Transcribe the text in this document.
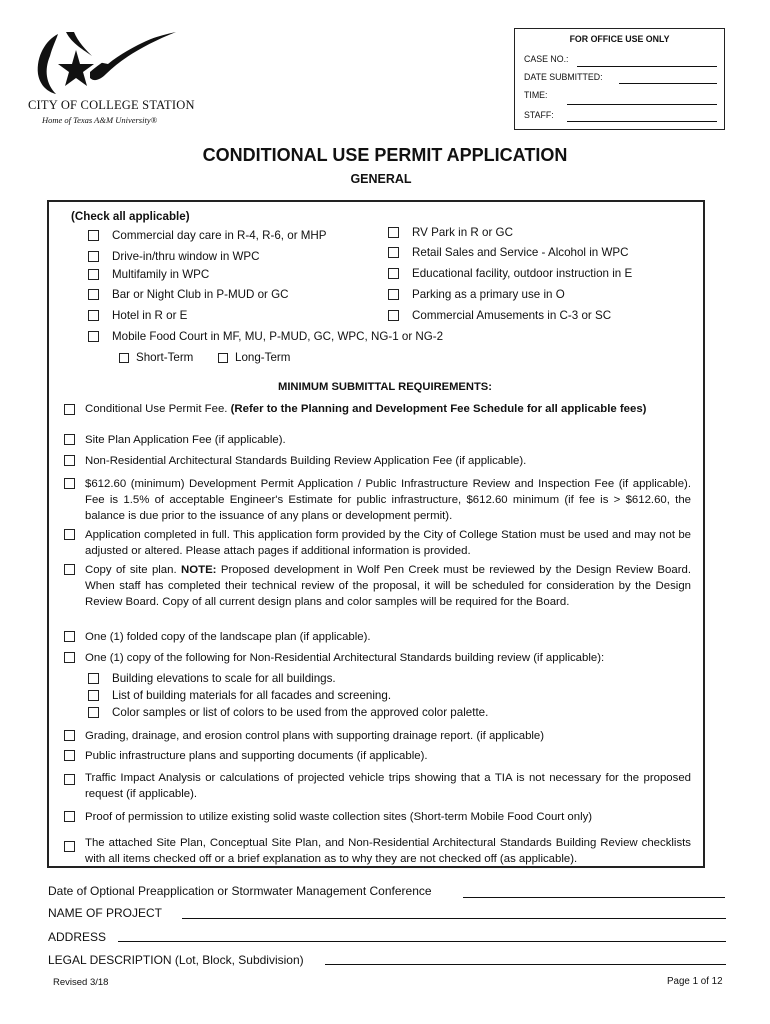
CITY OF COLLEGE STATION
Home of Texas A&M University®
FOR OFFICE USE ONLY
CASE NO.:
DATE SUBMITTED:
TIME:
STAFF:
CONDITIONAL USE PERMIT APPLICATION
GENERAL
(Check all applicable)
Commercial day care in R-4, R-6, or MHP
Drive-in/thru window in WPC
Multifamily in WPC
Bar or Night Club in P-MUD or GC
Hotel in R or E
Mobile Food Court in MF, MU, P-MUD, GC, WPC, NG-1 or NG-2
RV Park in R or GC
Retail Sales and Service - Alcohol in WPC
Educational facility, outdoor instruction in E
Parking as a primary use in O
Commercial Amusements in C-3 or SC
Short-Term	Long-Term
MINIMUM SUBMITTAL REQUIREMENTS:
Conditional Use Permit Fee. (Refer to the Planning and Development Fee Schedule for all applicable fees)
Site Plan Application Fee (if applicable).
Non-Residential Architectural Standards Building Review Application Fee (if applicable).
$612.60 (minimum) Development Permit Application / Public Infrastructure Review and Inspection Fee (if applicable). Fee is 1.5% of acceptable Engineer's Estimate for public infrastructure, $612.60 minimum (if fee is > $612.60, the balance is due prior to the issuance of any plans or development permit).
Application completed in full. This application form provided by the City of College Station must be used and may not be adjusted or altered. Please attach pages if additional information is provided.
Copy of site plan. NOTE: Proposed development in Wolf Pen Creek must be reviewed by the Design Review Board. When staff has completed their technical review of the proposal, it will be scheduled for consideration by the Design Review Board. Copy of all current design plans and color samples will be required for the Board.
One (1) folded copy of the landscape plan (if applicable).
One (1) copy of the following for Non-Residential Architectural Standards building review (if applicable):
Building elevations to scale for all buildings.
List of building materials for all facades and screening.
Color samples or list of colors to be used from the approved color palette.
Grading, drainage, and erosion control plans with supporting drainage report. (if applicable)
Public infrastructure plans and supporting documents (if applicable).
Traffic Impact Analysis or calculations of projected vehicle trips showing that a TIA is not necessary for the proposed request (if applicable).
Proof of permission to utilize existing solid waste collection sites (Short-term Mobile Food Court only)
The attached Site Plan, Conceptual Site Plan, and Non-Residential Architectural Standards Building Review checklists with all items checked off or a brief explanation as to why they are not checked off (as applicable).
Date of Optional Preapplication or Stormwater Management Conference
NAME OF PROJECT
ADDRESS
LEGAL DESCRIPTION (Lot, Block, Subdivision)
Revised 3/18	Page 1 of 12
